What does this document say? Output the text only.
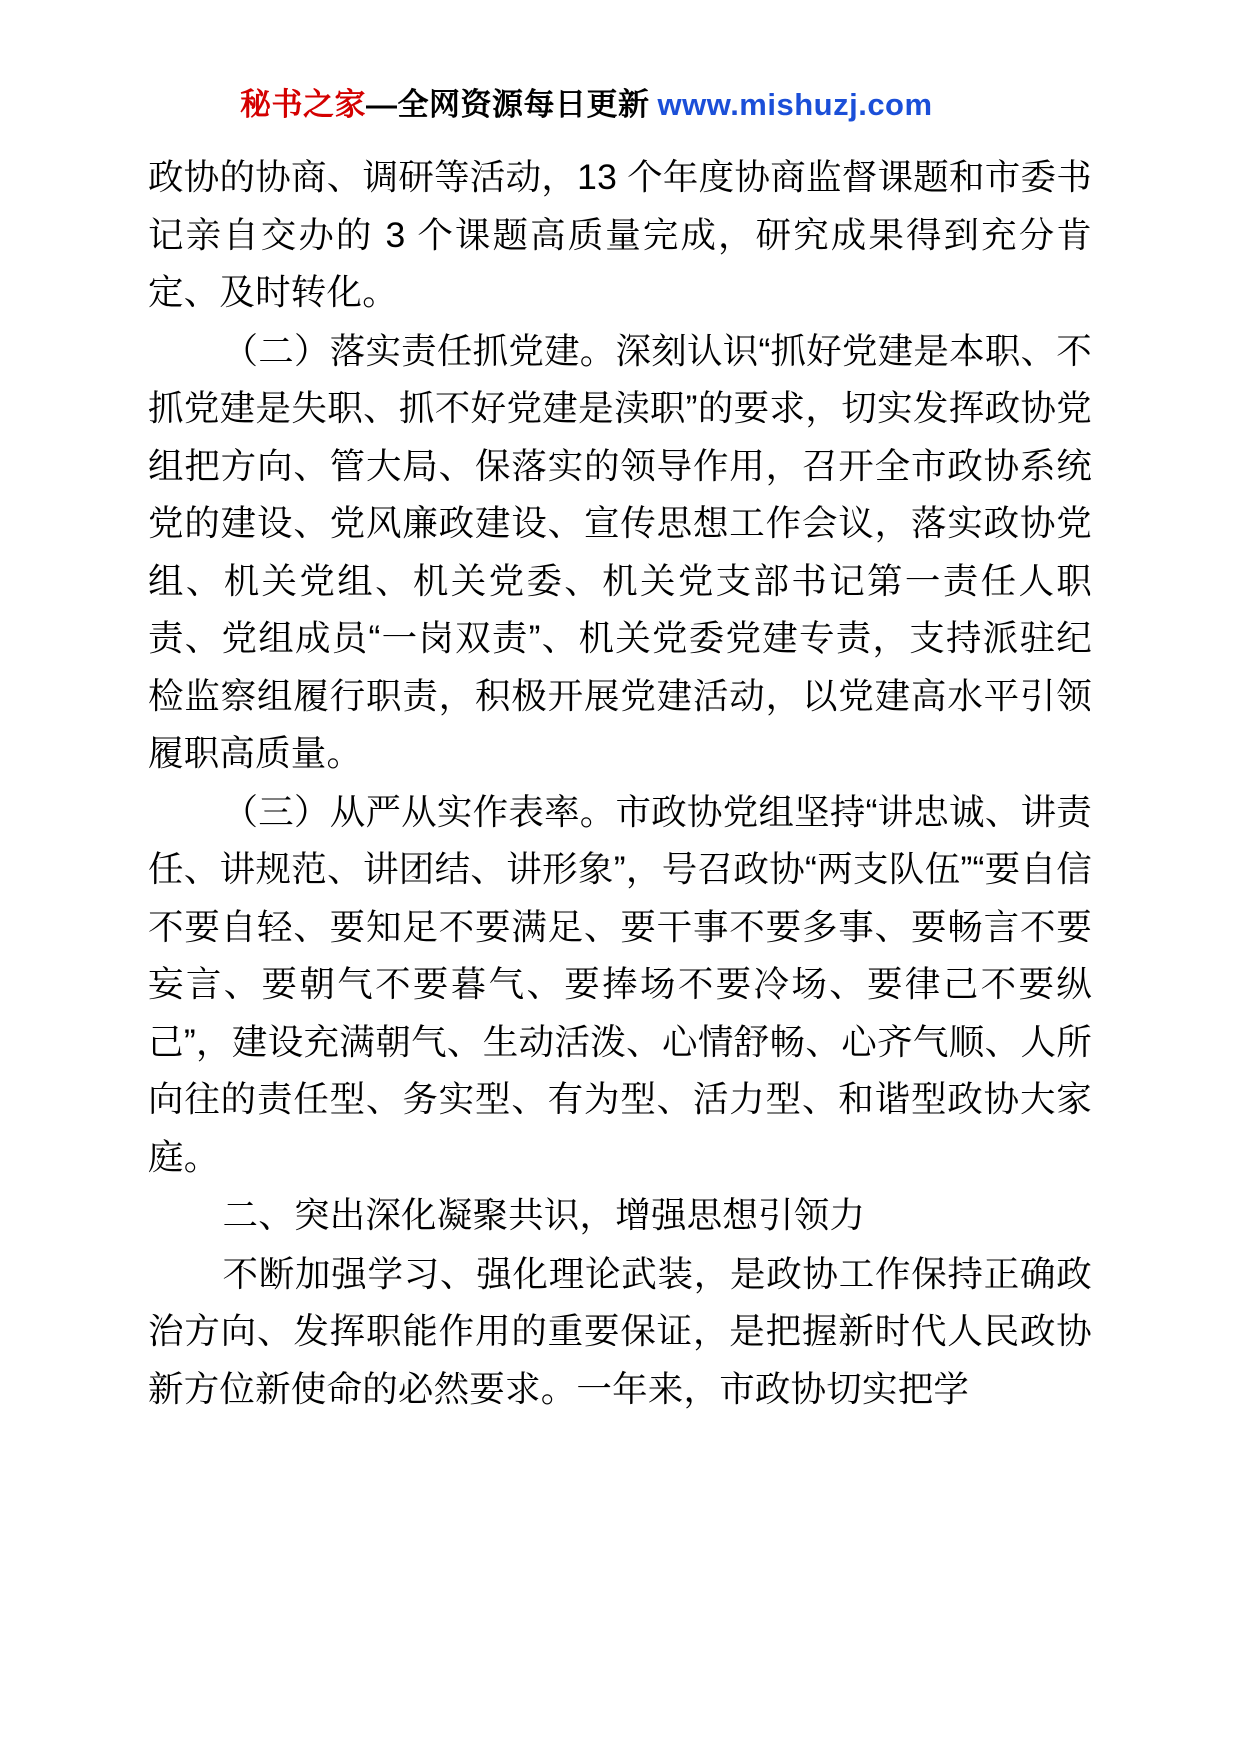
秘书之家—全网资源每日更新 www.mishuzj.com

政协的协商、调研等活动，13 个年度协商监督课题和市委书记亲自交办的 3 个课题高质量完成，研究成果得到充分肯定、及时转化。

（二）落实责任抓党建。深刻认识“抓好党建是本职、不抓党建是失职、抓不好党建是渎职”的要求，切实发挥政协党组把方向、管大局、保落实的领导作用，召开全市政协系统党的建设、党风廉政建设、宣传思想工作会议，落实政协党组、机关党组、机关党委、机关党支部书记第一责任人职责、党组成员“一岗双责”、机关党委党建专责，支持派驻纪检监察组履行职责，积极开展党建活动，以党建高水平引领履职高质量。

（三）从严从实作表率。市政协党组坚持“讲忠诚、讲责任、讲规范、讲团结、讲形象”，号召政协“两支队伍”“要自信不要自轻、要知足不要满足、要干事不要多事、要畅言不要妄言、要朝气不要暮气、要捧场不要冷场、要律己不要纵己”，建设充满朝气、生动活泼、心情舒畅、心齐气顺、人所向往的责任型、务实型、有为型、活力型、和谐型政协大家庭。

二、突出深化凝聚共识，增强思想引领力

不断加强学习、强化理论武装，是政协工作保持正确政治方向、发挥职能作用的重要保证，是把握新时代人民政协新方位新使命的必然要求。一年来，市政协切实把学
